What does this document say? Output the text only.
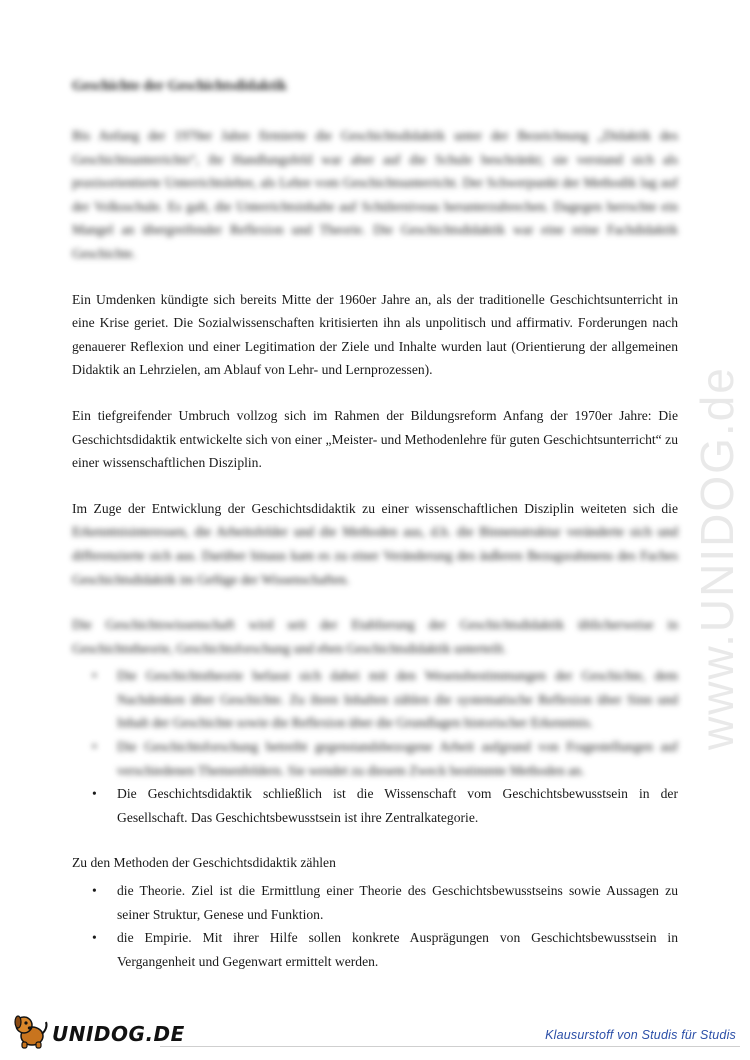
www.UNIDOG.de
Geschichte der Geschichtsdidaktik

Bis Anfang der 1970er Jahre firmierte die Geschichtsdidaktik unter der Bezeichnung „Didaktik des Geschichtsunterrichts“, ihr Handlungsfeld war aber auf die Schule beschränkt; sie verstand sich als praxisorientierte Unterrichtslehre, als Lehre vom Geschichtsunterricht. Der Schwerpunkt der Methodik lag auf der Volksschule. Es galt, die Unterrichtsinhalte auf Schülerniveau herunterzubrechen. Dagegen herrschte ein Mangel an übergreifender Reflexion und Theorie. Die Geschichtsdidaktik war eine reine Fachdidaktik Geschichte.

Ein Umdenken kündigte sich bereits Mitte der 1960er Jahre an, als der traditionelle Geschichtsunterricht in eine Krise geriet. Die Sozialwissenschaften kritisierten ihn als unpolitisch und affirmativ. Forderungen nach genauerer Reflexion und einer Legitimation der Ziele und Inhalte wurden laut (Orientierung der allgemeinen Didaktik an Lehrzielen, am Ablauf von Lehr- und Lernprozessen).

Ein tiefgreifender Umbruch vollzog sich im Rahmen der Bildungsreform Anfang der 1970er Jahre: Die Geschichtsdidaktik entwickelte sich von einer „Meister- und Methodenlehre für guten Geschichtsunterricht“ zu einer wissenschaftlichen Disziplin.

Im Zuge der Entwicklung der Geschichtsdidaktik zu einer wissenschaftlichen Disziplin weiteten sich die Erkenntnisinteressen, die Arbeitsfelder und die Methoden aus, d.h. die Binnenstruktur veränderte sich und differenzierte sich aus. Darüber hinaus kam es zu einer Veränderung des äußeren Bezugsrahmens des Faches Geschichtsdidaktik im Gefüge der Wissenschaften.

Die Geschichtswissenschaft wird seit der Etablierung der Geschichtsdidaktik üblicherweise in Geschichtstheorie, Geschichtsforschung und eben Geschichtsdidaktik unterteilt.

• Die Geschichtstheorie befasst sich dabei mit den Wesensbestimmungen der Geschichte, dem Nachdenken über Geschichte. Zu ihren Inhalten zählen die systematische Reflexion über Sinn und Inhalt der Geschichte sowie die Reflexion über die Grundlagen historischer Erkenntnis.
• Die Geschichtsforschung betreibt gegenstandsbezogene Arbeit aufgrund von Fragestellungen auf verschiedenen Themenfeldern. Sie wendet zu diesem Zweck bestimmte Methoden an.
• Die Geschichtsdidaktik schließlich ist die Wissenschaft vom Geschichtsbewusstsein in der Gesellschaft. Das Geschichtsbewusstsein ist ihre Zentralkategorie.

Zu den Methoden der Geschichtsdidaktik zählen

• die Theorie. Ziel ist die Ermittlung einer Theorie des Geschichtsbewusstseins sowie Aussagen zu seiner Struktur, Genese und Funktion.
• die Empirie. Mit ihrer Hilfe sollen konkrete Ausprägungen von Geschichtsbewusstsein in Vergangenheit und Gegenwart ermittelt werden.
UNIDOG.DE	Klausurstoff von Studis für Studis
